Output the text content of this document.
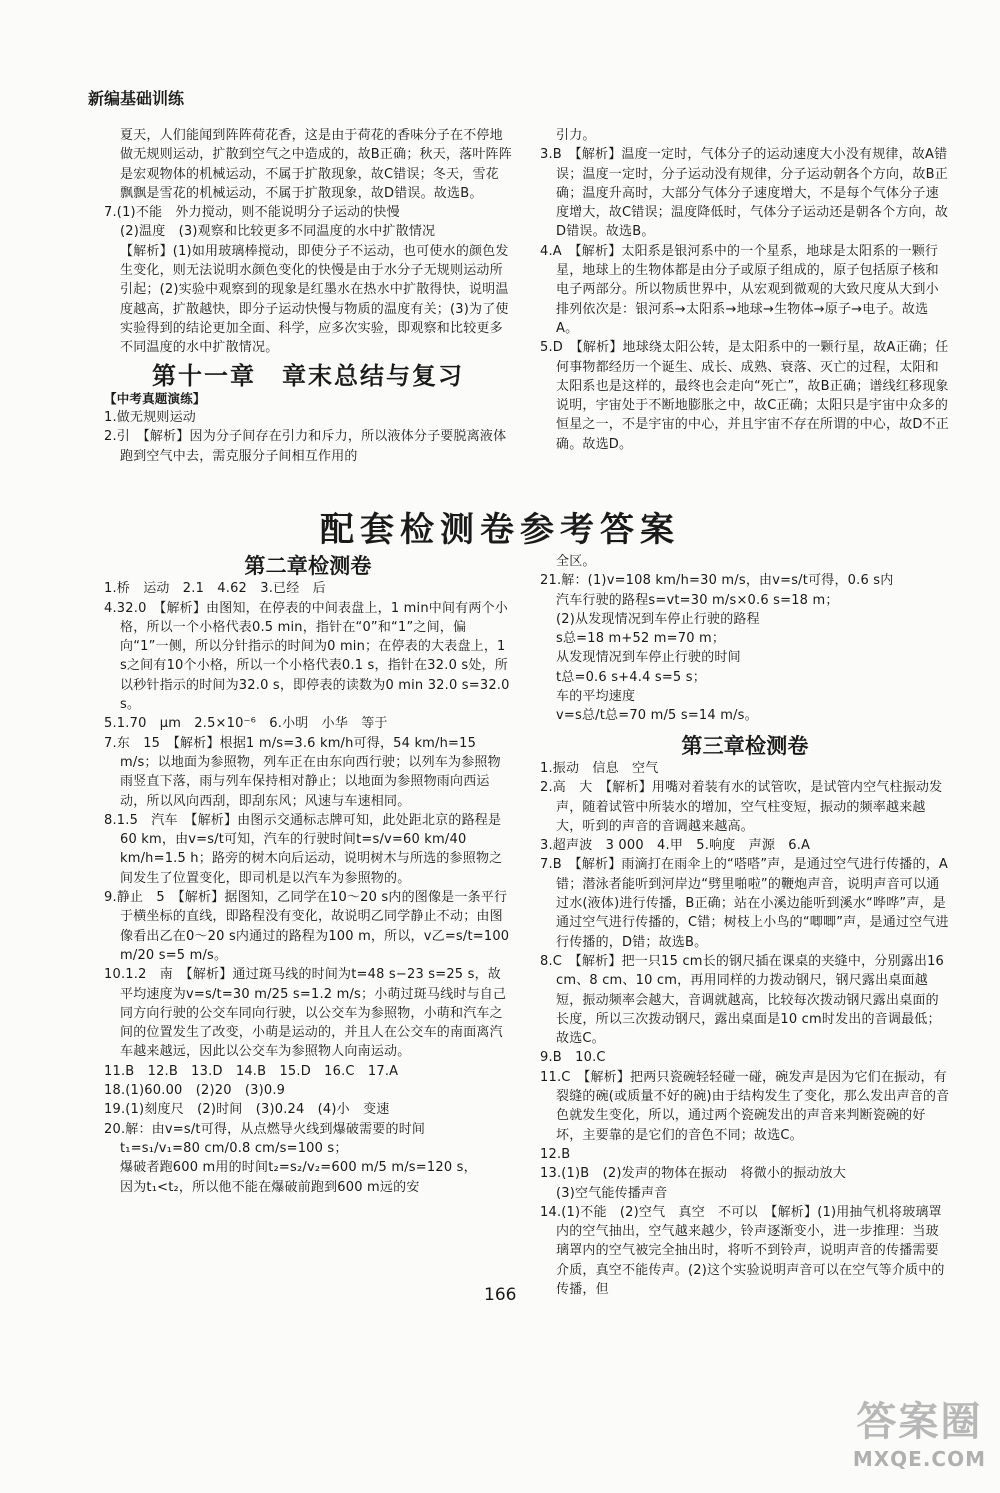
新编基础训练

夏天，人们能闻到阵阵荷花香，这是由于荷花的香味分子在不停地做无规则运动，扩散到空气之中造成的，故B正确；秋天，落叶阵阵是宏观物体的机械运动，不属于扩散现象，故C错误；冬天，雪花飘飘是雪花的机械运动，不属于扩散现象，故D错误。故选B。

7.(1)不能　外力搅动，则不能说明分子运动的快慢

(2)温度　(3)观察和比较更多不同温度的水中扩散情况

【解析】(1)如用玻璃棒搅动，即使分子不运动，也可使水的颜色发生变化，则无法说明水颜色变化的快慢是由于水分子无规则运动所引起；(2)实验中观察到的现象是红墨水在热水中扩散得快，说明温度越高，扩散越快，即分子运动快慢与物质的温度有关；(3)为了使实验得到的结论更加全面、科学，应多次实验，即观察和比较更多不同温度的水中扩散情况。

第十一章　章末总结与复习
【中考真题演练】

1.做无规则运动

2.引　【解析】因为分子间存在引力和斥力，所以液体分子要脱离液体跑到空气中去，需克服分子间相互作用的

引力。

3.B　【解析】温度一定时，气体分子的运动速度大小没有规律，故A错误；温度一定时，分子运动没有规律，分子运动朝各个方向，故B正确；温度升高时，大部分气体分子速度增大，不是每个气体分子速度增大，故C错误；温度降低时，气体分子运动还是朝各个方向，故D错误。故选B。

4.A　【解析】太阳系是银河系中的一个星系，地球是太阳系的一颗行星，地球上的生物体都是由分子或原子组成的，原子包括原子核和电子两部分。所以物质世界中，从宏观到微观的大致尺度从大到小排列依次是：银河系→太阳系→地球→生物体→原子→电子。故选A。

5.D　【解析】地球绕太阳公转，是太阳系中的一颗行星，故A正确；任何事物都经历一个诞生、成长、成熟、衰落、灭亡的过程，太阳和太阳系也是这样的，最终也会走向“死亡”，故B正确；谱线红移现象说明，宇宙处于不断地膨胀之中，故C正确；太阳只是宇宙中众多的恒星之一，不是宇宙的中心，并且宇宙不存在所谓的中心，故D不正确。故选D。

配套检测卷参考答案
第二章检测卷

1.桥　运动　2.1　4.62　3.已经　后

4.32.0　【解析】由图知，在停表的中间表盘上，1 min中间有两个小格，所以一个小格代表0.5 min，指针在“0”和“1”之间，偏向“1”一侧，所以分针指示的时间为0 min；在停表的大表盘上，1 s之间有10个小格，所以一个小格代表0.1 s，指针在32.0 s处，所以秒针指示的时间为32.0 s，即停表的读数为0 min 32.0 s=32.0 s。

5.1.70　μm　2.5×10⁻⁶　6.小明　小华　等于

7.东　15　【解析】根据1 m/s=3.6 km/h可得，54 km/h=15 m/s；以地面为参照物，列车正在由东向西行驶；以列车为参照物雨竖直下落，雨与列车保持相对静止；以地面为参照物雨向西运动，所以风向西刮，即刮东风；风速与车速相同。

8.1.5　汽车　【解析】由图示交通标志牌可知，此处距北京的路程是60 km，由v=s/t可知，汽车的行驶时间t=s/v=60 km/40 km/h=1.5 h；路旁的树木向后运动，说明树木与所选的参照物之间发生了位置变化，即司机是以汽车为参照物的。

9.静止　5　【解析】据图知，乙同学在10～20 s内的图像是一条平行于横坐标的直线，即路程没有变化，故说明乙同学静止不动；由图像看出乙在0～20 s内通过的路程为100 m，所以，v乙=s/t=100 m/20 s=5 m/s。

10.1.2　南　【解析】通过斑马线的时间为t=48 s−23 s=25 s，故平均速度为v=s/t=30 m/25 s=1.2 m/s；小萌过斑马线时与自己同方向行驶的公交车同向行驶，以公交车为参照物，小萌和汽车之间的位置发生了改变，小萌是运动的，并且人在公交车的南面离汽车越来越远，因此以公交车为参照物人向南运动。

11.B　12.B　13.D　14.B　15.D　16.C　17.A

18.(1)60.00　(2)20　(3)0.9

19.(1)刻度尺　(2)时间　(3)0.24　(4)小　变速

20.解：由v=s/t可得，从点燃导火线到爆破需要的时间

t₁=s₁/v₁=80 cm/0.8 cm/s=100 s；

爆破者跑600 m用的时间t₂=s₂/v₂=600 m/5 m/s=120 s，

因为t₁<t₂，所以他不能在爆破前跑到600 m远的安

全区。

21.解：(1)v=108 km/h=30 m/s，由v=s/t可得，0.6 s内

汽车行驶的路程s=vt=30 m/s×0.6 s=18 m；

(2)从发现情况到车停止行驶的路程

s总=18 m+52 m=70 m；

从发现情况到车停止行驶的时间

t总=0.6 s+4.4 s=5 s；

车的平均速度

v=s总/t总=70 m/5 s=14 m/s。

第三章检测卷

1.振动　信息　空气

2.高　大　【解析】用嘴对着装有水的试管吹，是试管内空气柱振动发声，随着试管中所装水的增加，空气柱变短，振动的频率越来越大，听到的声音的音调越来越高。

3.超声波　3 000　4.甲　5.响度　声源　6.A

7.B　【解析】雨滴打在雨伞上的“嗒嗒”声，是通过空气进行传播的，A错；潜泳者能听到河岸边“劈里啪啦”的鞭炮声音，说明声音可以通过水(液体)进行传播，B正确；站在小溪边能听到溪水“哗哗”声，是通过空气进行传播的，C错；树枝上小鸟的“唧唧”声，是通过空气进行传播的，D错；故选B。

8.C　【解析】把一只15 cm长的钢尺插在课桌的夹缝中，分别露出16 cm、8 cm、10 cm，再用同样的力拨动钢尺，钢尺露出桌面越短，振动频率会越大，音调就越高，比较每次拨动钢尺露出桌面的长度，所以三次拨动钢尺，露出桌面是10 cm时发出的音调最低；故选C。

9.B　10.C

11.C　【解析】把两只瓷碗轻轻碰一碰，碗发声是因为它们在振动，有裂缝的碗(或质量不好的碗)由于结构发生了变化，那么发出声音的音色就发生变化，所以，通过两个瓷碗发出的声音来判断瓷碗的好坏，主要靠的是它们的音色不同；故选C。

12.B

13.(1)B　(2)发声的物体在振动　将微小的振动放大

(3)空气能传播声音

14.(1)不能　(2)空气　真空　不可以　【解析】(1)用抽气机将玻璃罩内的空气抽出，空气越来越少，铃声逐渐变小，进一步推理：当玻璃罩内的空气被完全抽出时，将听不到铃声，说明声音的传播需要介质，真空不能传声。(2)这个实验说明声音可以在空气等介质中的传播，但

166
答案圈
MXQE.COM
